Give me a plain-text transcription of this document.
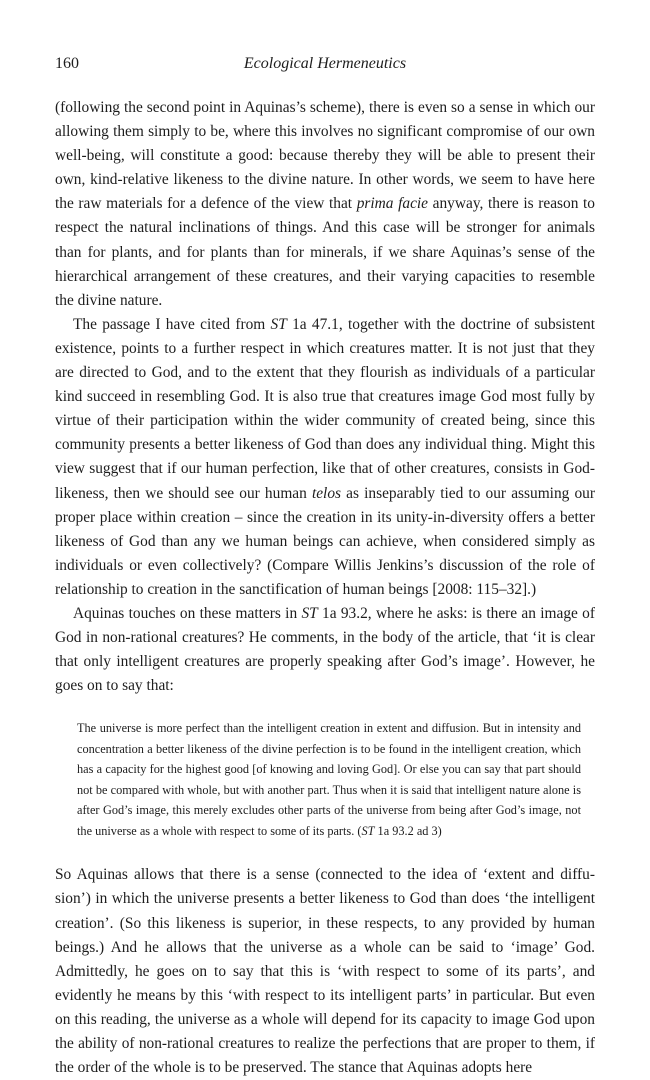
160	Ecological Hermeneutics

(following the second point in Aquinas’s scheme), there is even so a sense in which our allowing them simply to be, where this involves no significant compromise of our own well-being, will constitute a good: because thereby they will be able to present their own, kind-relative likeness to the divine nature. In other words, we seem to have here the raw materials for a defence of the view that prima facie anyway, there is reason to respect the natural inclinations of things. And this case will be stronger for animals than for plants, and for plants than for minerals, if we share Aquinas’s sense of the hierarchical arrangement of these creatures, and their varying capacities to resemble the divine nature.

The passage I have cited from ST 1a 47.1, together with the doctrine of subsistent existence, points to a further respect in which creatures matter. It is not just that they are directed to God, and to the extent that they flourish as individuals of a particular kind succeed in resembling God. It is also true that creatures image God most fully by virtue of their participation within the wider community of created being, since this community presents a better likeness of God than does any individual thing. Might this view suggest that if our human perfection, like that of other creatures, consists in God-likeness, then we should see our human telos as inseparably tied to our assuming our proper place within creation – since the creation in its unity-in-diversity offers a better likeness of God than any we human beings can achieve, when considered simply as individuals or even collectively? (Compare Willis Jenkins’s discussion of the role of relationship to creation in the sanctification of human beings [2008: 115–32].)

Aquinas touches on these matters in ST 1a 93.2, where he asks: is there an image of God in non-rational creatures? He comments, in the body of the article, that ‘it is clear that only intelligent creatures are properly speaking after God’s image’. However, he goes on to say that:

The universe is more perfect than the intelligent creation in extent and diffusion. But in intensity and concentration a better likeness of the divine perfection is to be found in the intelligent creation, which has a capacity for the highest good [of knowing and loving God]. Or else you can say that part should not be compared with whole, but with another part. Thus when it is said that intelligent nature alone is after God’s image, this merely excludes other parts of the universe from being after God’s image, not the universe as a whole with respect to some of its parts. (ST 1a 93.2 ad 3)

So Aquinas allows that there is a sense (connected to the idea of ‘extent and diffu-sion’) in which the universe presents a better likeness to God than does ‘the intelligent creation’. (So this likeness is superior, in these respects, to any provided by human beings.) And he allows that the universe as a whole can be said to ‘image’ God. Admittedly, he goes on to say that this is ‘with respect to some of its parts’, and evidently he means by this ‘with respect to its intelligent parts’ in particular. But even on this reading, the universe as a whole will depend for its capacity to image God upon the ability of non-rational creatures to realize the perfections that are proper to them, if the order of the whole is to be preserved. The stance that Aquinas adopts here
